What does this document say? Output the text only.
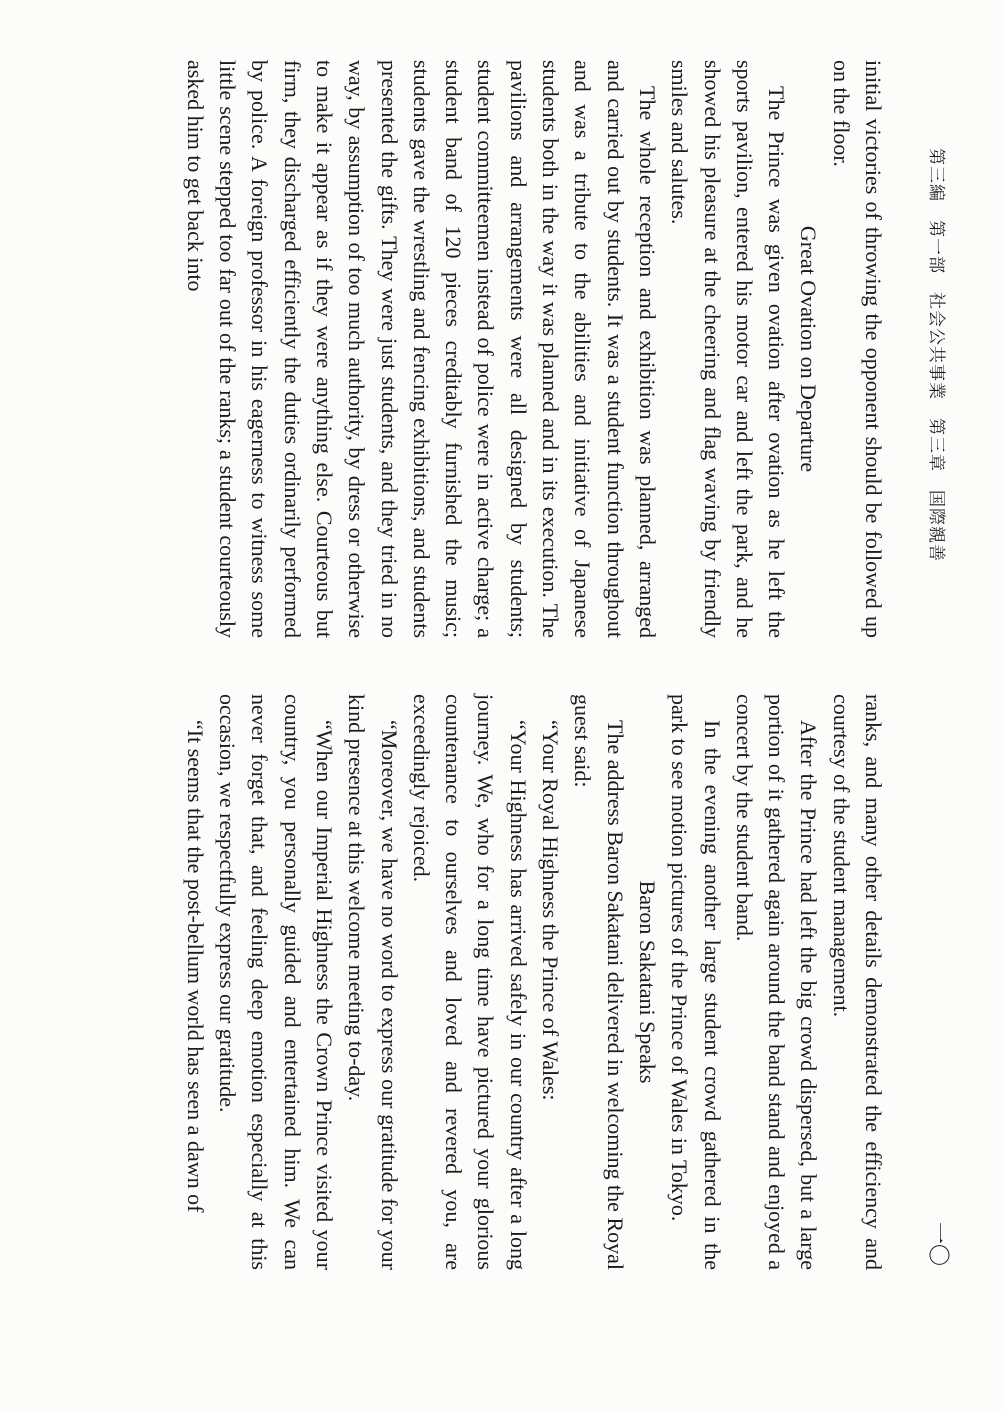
第三編　第一部　社会公共事業　第三章　国際親善
一〇

initial victories of throwing the opponent should be followed up on the floor.

Great Ovation on Departure

The Prince was given ovation after ovation as he left the sports pavilion, entered his motor car and left the park, and he showed his pleasure at the cheering and flag waving by friendly smiles and salutes.

The whole reception and exhibition was planned, arranged and carried out by students. It was a student function throughout and was a tribute to the abilities and initiative of Japanese students both in the way it was planned and in its execution. The pavilions and arrangements were all designed by students; student committeemen instead of police were in active charge; a student band of 120 pieces creditably furnished the music; students gave the wrestling and fencing exhibitions, and students presented the gifts. They were just students, and they tried in no way, by assumption of too much authority, by dress or otherwise to make it appear as if they were anything else. Courteous but firm, they discharged efficiently the duties ordinarily performed by police. A foreign professor in his eagerness to witness some little scene stepped too far out of the ranks; a student courteously asked him to get back into

ranks, and many other details demonstrated the efficiency and courtesy of the student management.

After the Prince had left the big crowd dispersed, but a large portion of it gathered again around the band stand and enjoyed a concert by the student band.

In the evening another large student crowd gathered in the park to see motion pictures of the Prince of Wales in Tokyo.

Baron Sakatani Speaks

The address Baron Sakatani delivered in welcoming the Royal guest said:

“Your Royal Highness the Prince of Wales:

“Your Highness has arrived safely in our country after a long journey. We, who for a long time have pictured your glorious countenance to ourselves and loved and revered you, are exceedingly rejoiced.

“Moreover, we have no word to express our gratitude for your kind presence at this welcome meeting to-day.

“When our Imperial Highness the Crown Prince visited your country, you personally guided and entertained him. We can never forget that, and feeling deep emotion especially at this occasion, we respectfully express our gratitude.

“It seems that the post-bellum world has seen a dawn of
